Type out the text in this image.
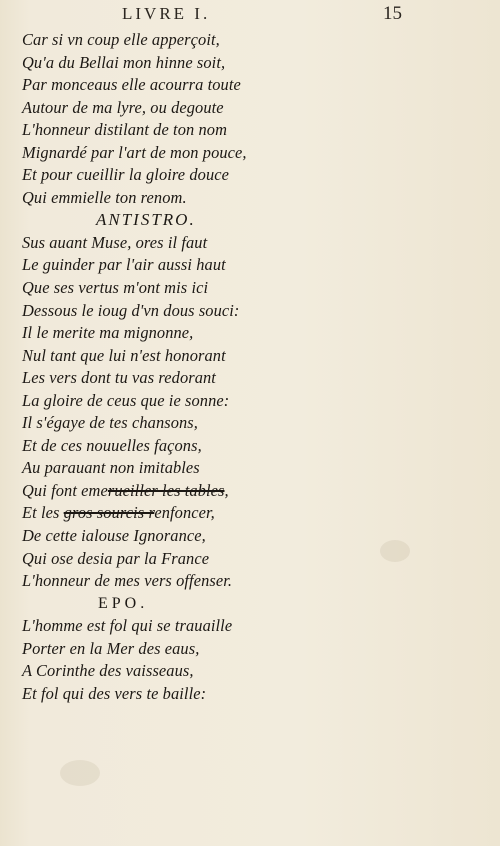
LIVRE I.	15
Car si vn coup elle apperçoit,
Qu'a du Bellai mon hinne soit,
Par monceaus elle acourra toute
Autour de ma lyre, ou degoute
L'honneur distilant de ton nom
Mignardé par l'art de mon pouce,
Et pour cueillir la gloire douce
Qui emmielle ton renom.
ANTISTRO.
Sus auant Muse, ores il faut
Le guinder par l'air aussi haut
Que ses vertus m'ont mis ici
Dessous le ioug d'vn dous souci:
Il le merite ma mignonne,
Nul tant que lui n'est honorant
Les vers dont tu vas redorant
La gloire de ceus que ie sonne:
Il s'égaye de tes chansons,
Et de ces nouuelles façons,
Au parauant non imitables
Qui font emerueiller les tables,
Et les gros sourcis renfoncer,
De cette ialouse Ignorance,
Qui ose desia par la France
L'honneur de mes vers offenser.
EPO.
L'homme est fol qui se trauaille
Porter en la Mer des eaus,
A Corinthe des vaisseaus,
Et fol qui des vers te baille:
